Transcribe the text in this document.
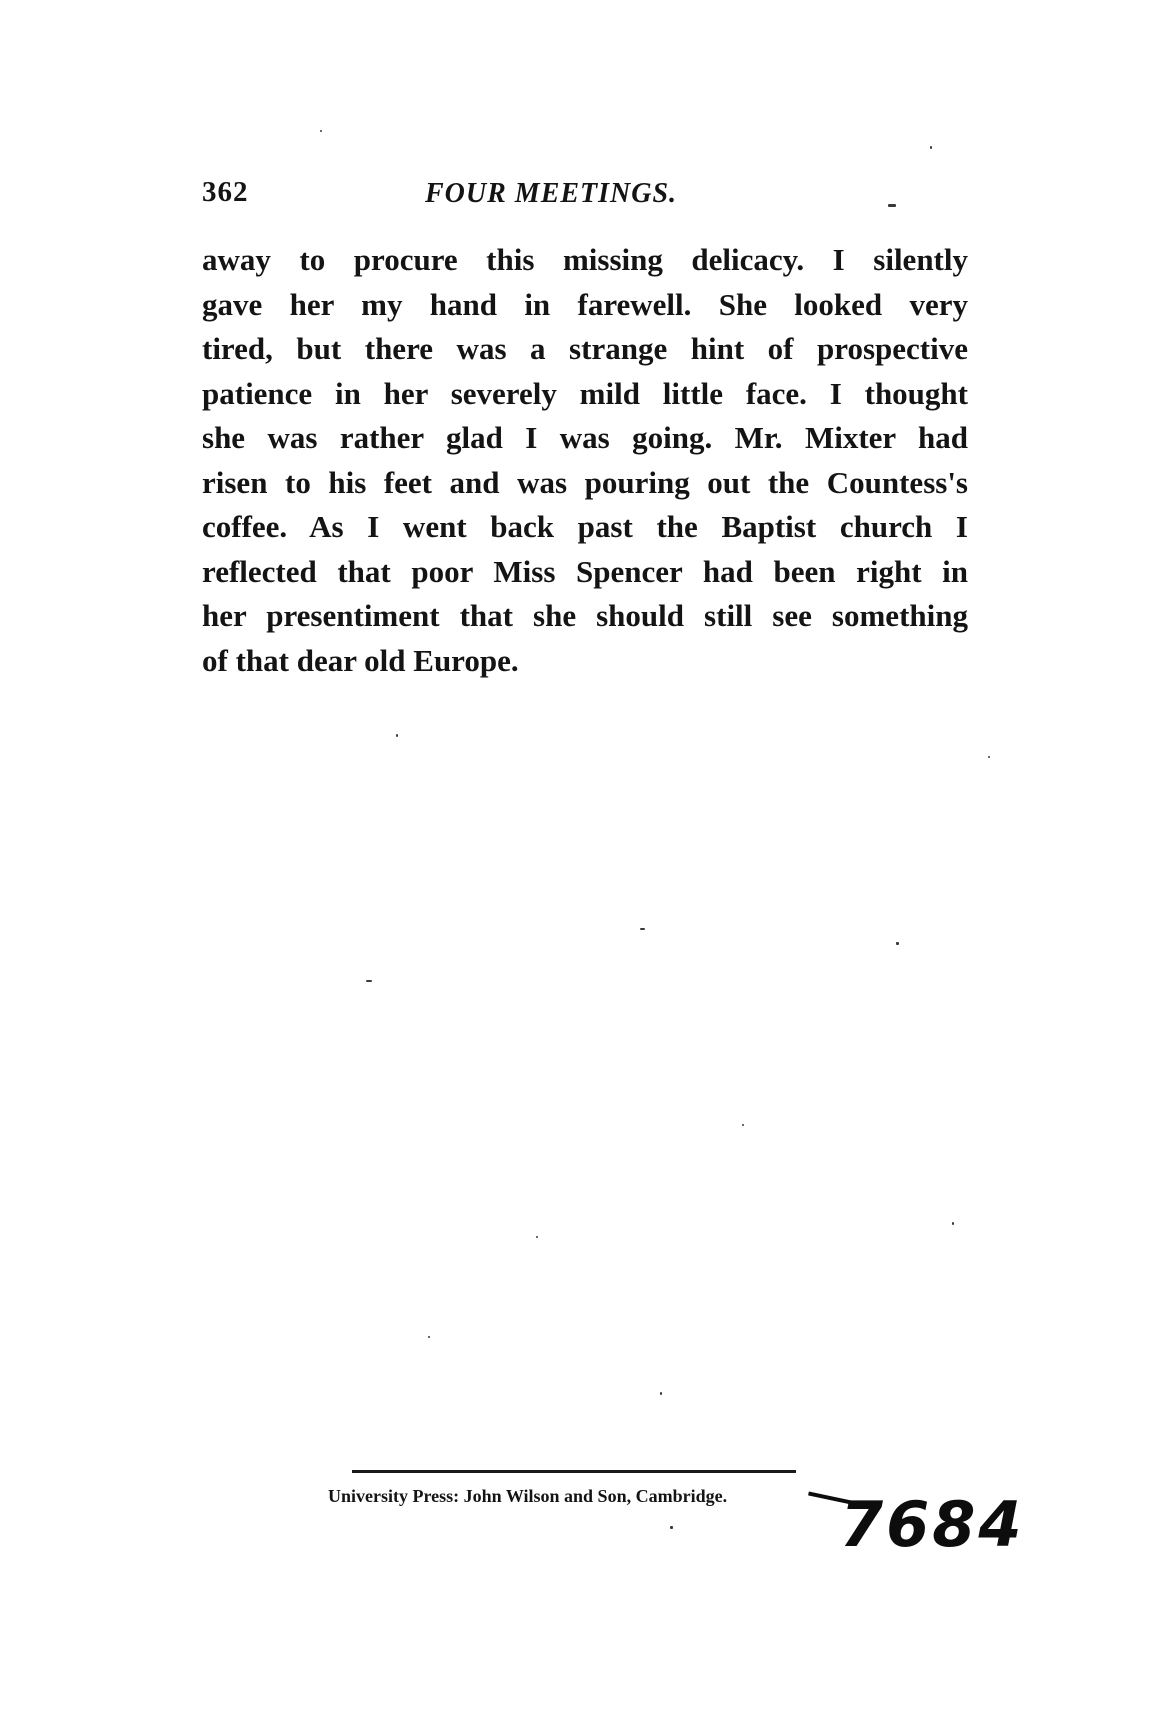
362	FOUR MEETINGS.
away to procure this missing delicacy. I silently
gave her my hand in farewell. She looked very
tired, but there was a strange hint of prospective
patience in her severely mild little face. I thought
she was rather glad I was going. Mr. Mixter had
risen to his feet and was pouring out the Countess's
coffee. As I went back past the Baptist church I
reflected that poor Miss Spencer had been right in
her presentiment that she should still see something
of that dear old Europe.
University Press: John Wilson and Son, Cambridge. 7684
